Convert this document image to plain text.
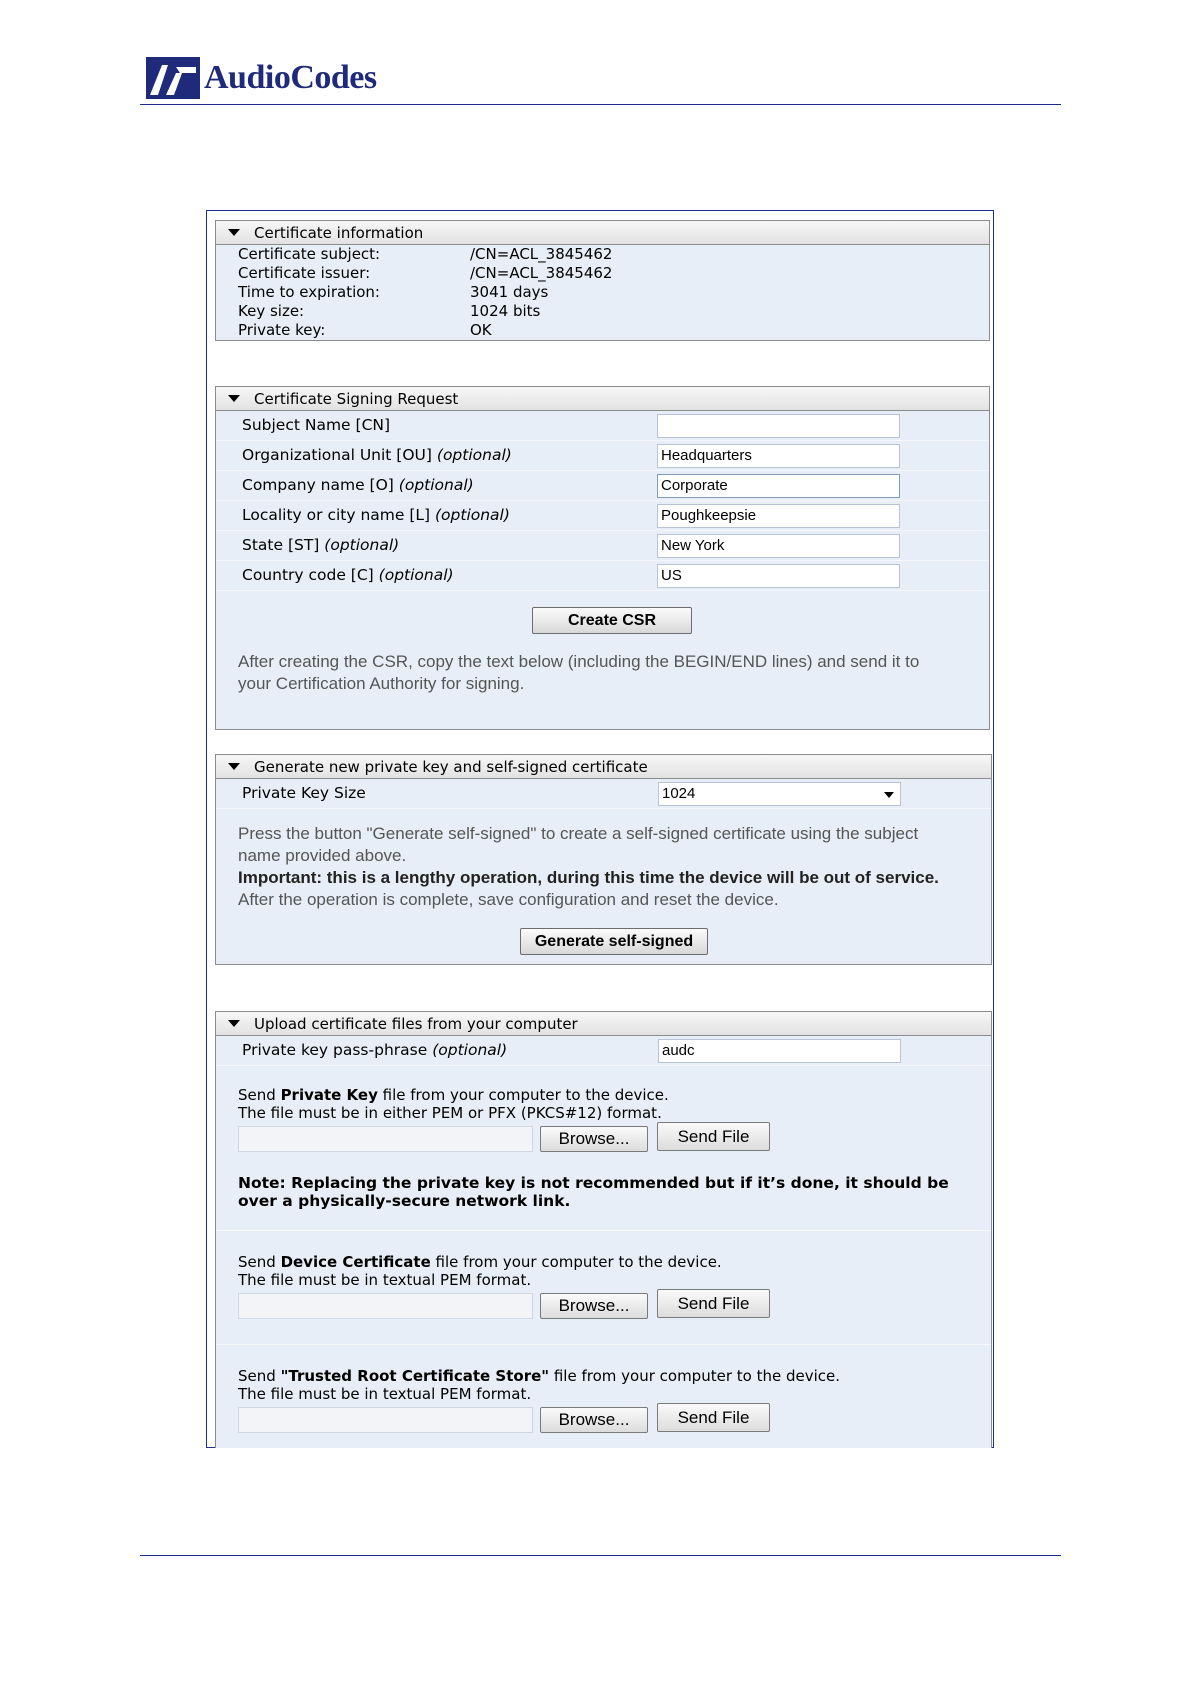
AudioCodes
Certificate information
Certificate subject:	/CN=ACL_3845462
Certificate issuer:	/CN=ACL_3845462
Time to expiration:	3041 days
Key size:	1024 bits
Private key:	OK
Certificate Signing Request
Subject Name [CN]
Organizational Unit [OU] (optional)	Headquarters
Company name [O] (optional)	Corporate
Locality or city name [L] (optional)	Poughkeepsie
State [ST] (optional)	New York
Country code [C] (optional)	US
Create CSR
After creating the CSR, copy the text below (including the BEGIN/END lines) and send it to
your Certification Authority for signing.
Generate new private key and self-signed certificate
Private Key Size	1024
Press the button "Generate self-signed" to create a self-signed certificate using the subject
name provided above.
Important: this is a lengthy operation, during this time the device will be out of service.
After the operation is complete, save configuration and reset the device.
Generate self-signed
Upload certificate files from your computer
Private key pass-phrase (optional)	audc
Send Private Key file from your computer to the device.
The file must be in either PEM or PFX (PKCS#12) format.
Browse...	Send File
Note: Replacing the private key is not recommended but if it’s done, it should be
over a physically-secure network link.
Send Device Certificate file from your computer to the device.
The file must be in textual PEM format.
Browse...	Send File
Send "Trusted Root Certificate Store" file from your computer to the device.
The file must be in textual PEM format.
Browse...	Send File
